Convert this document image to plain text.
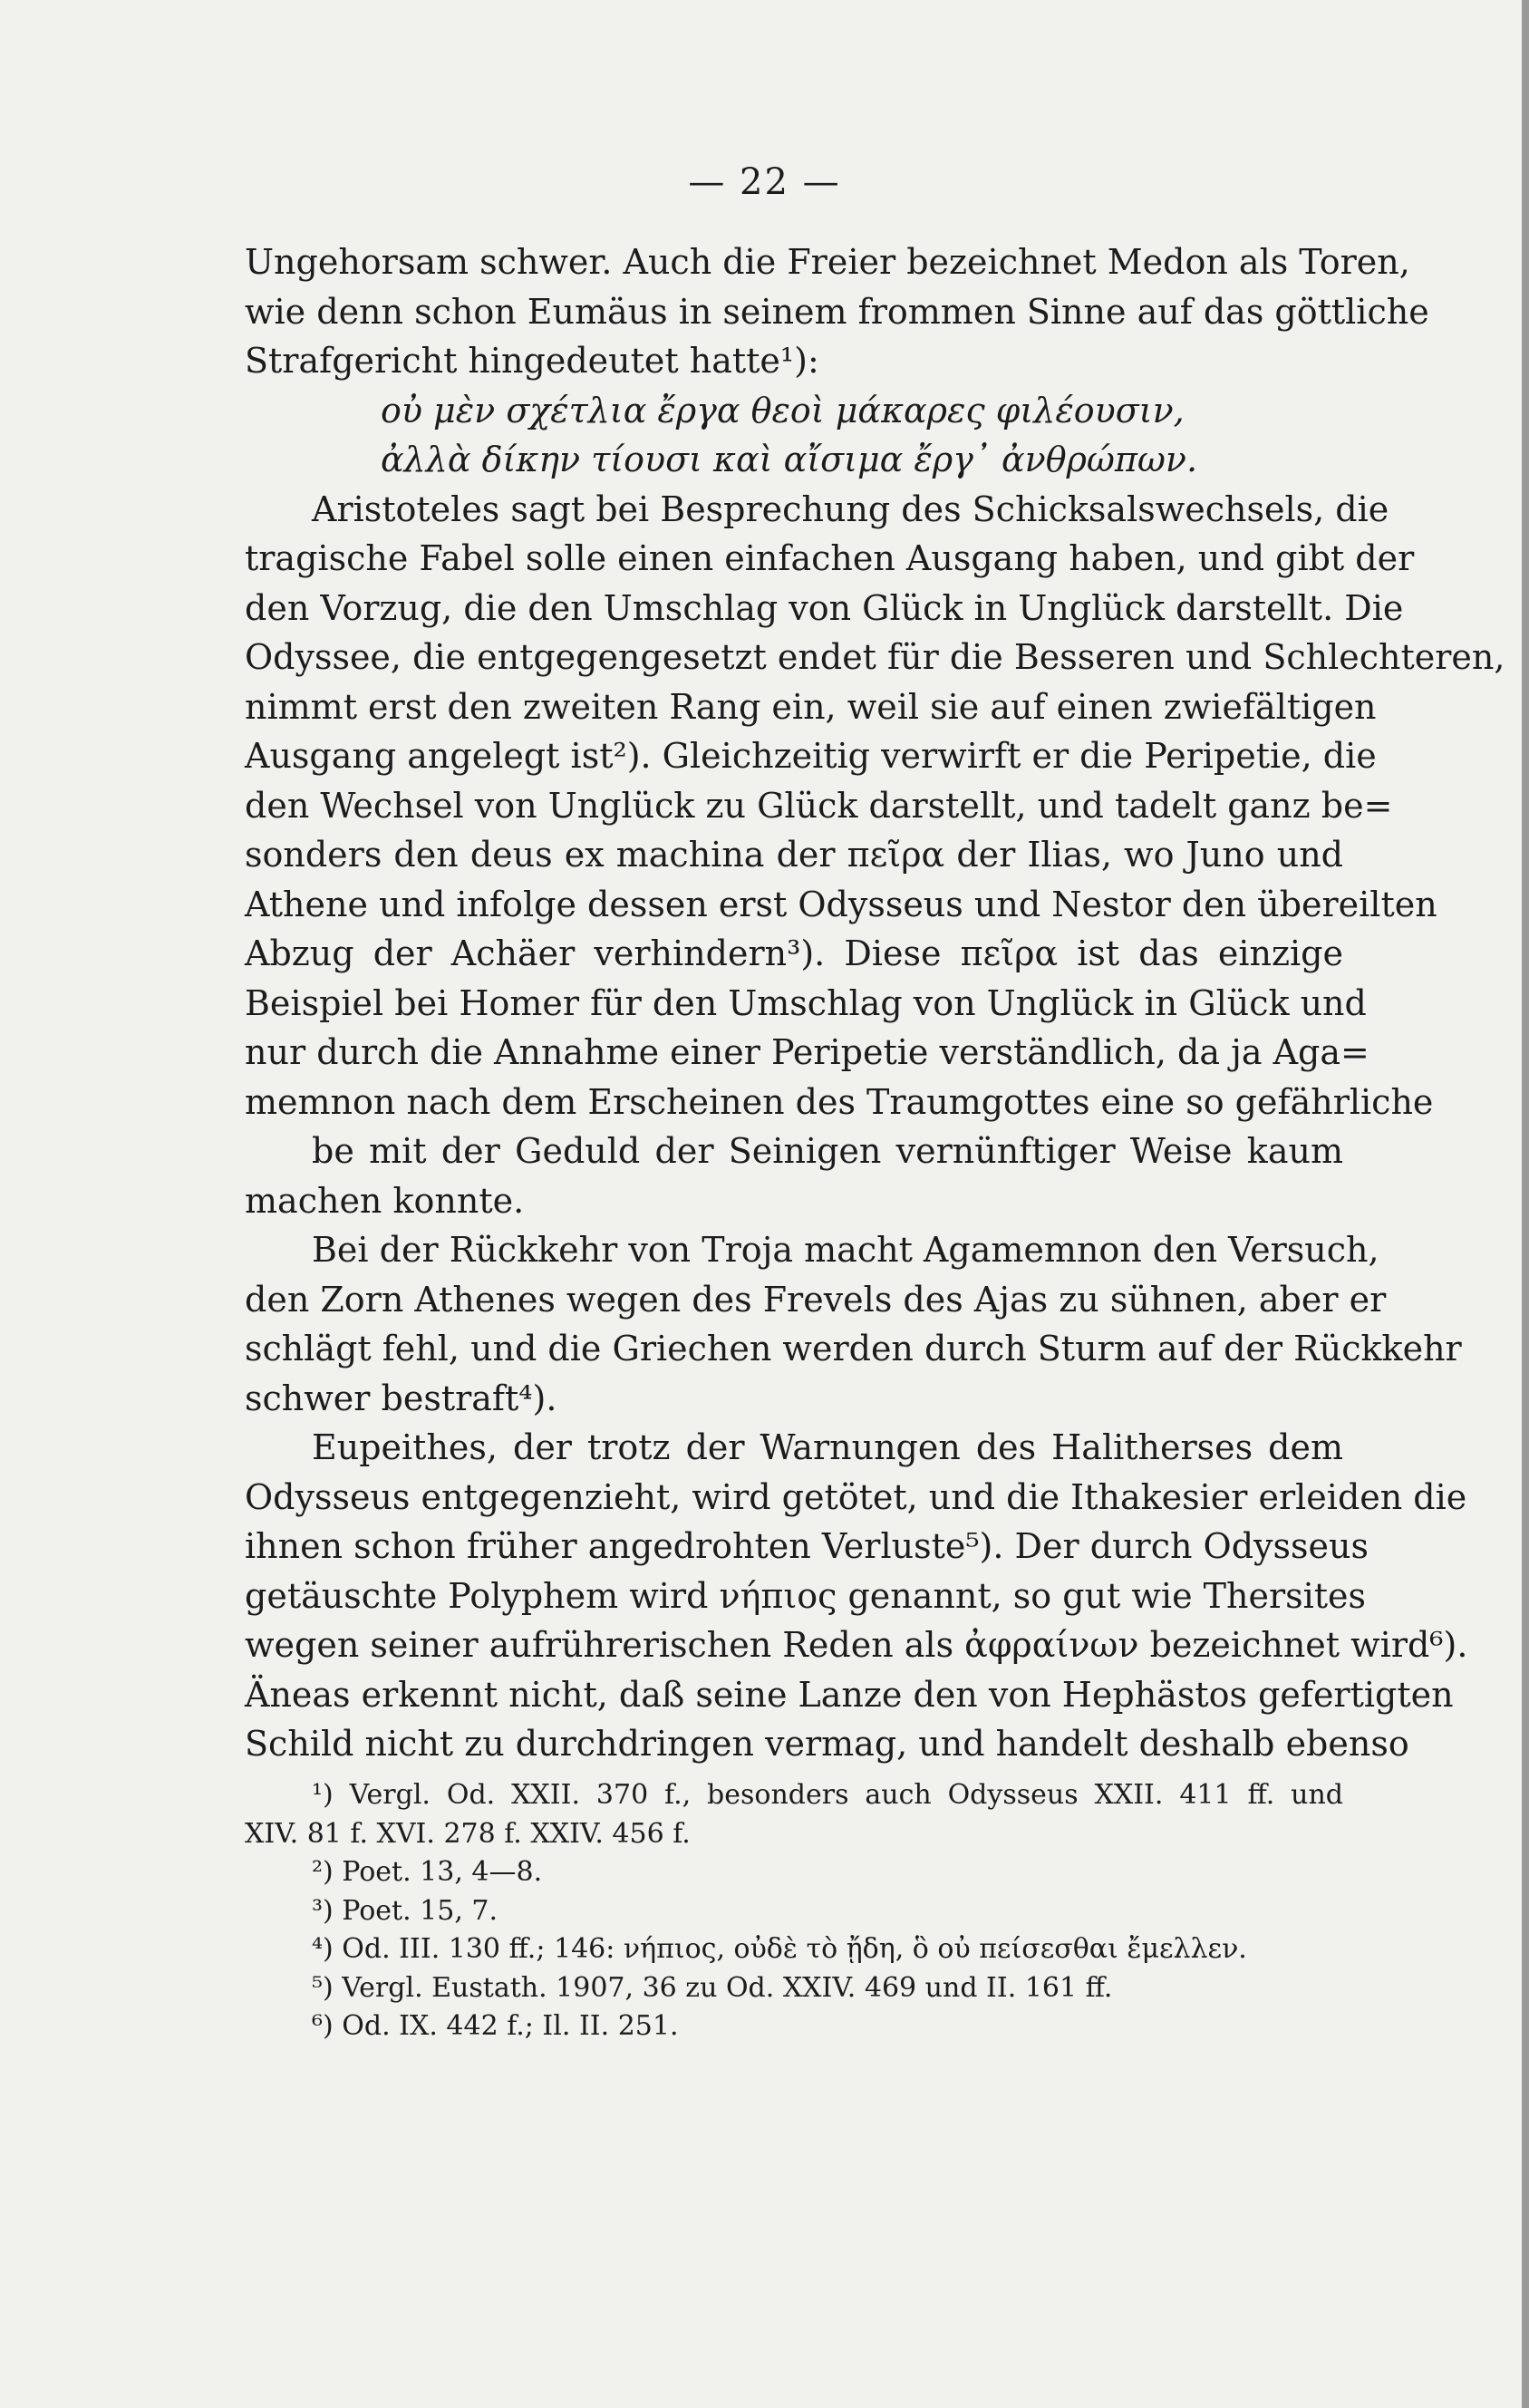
— 22 —
Ungehorsam schwer. Auch die Freier bezeichnet Medon als Toren,
wie denn schon Eumäus in seinem frommen Sinne auf das göttliche
Strafgericht hingedeutet hatte¹):
οὐ μὲν σχέτλια ἔργα θεοὶ μάκαρες φιλέουσιν,
ἀλλὰ δίκην τίουσι καὶ αἴσιμα ἔργ᾽ ἀνθρώπων.
Aristoteles sagt bei Besprechung des Schicksalswechsels, die
tragische Fabel solle einen einfachen Ausgang haben, und gibt der
den Vorzug, die den Umschlag von Glück in Unglück darstellt. Die
Odyssee, die entgegengesetzt endet für die Besseren und Schlechteren,
nimmt erst den zweiten Rang ein, weil sie auf einen zwiefältigen
Ausgang angelegt ist²). Gleichzeitig verwirft er die Peripetie, die
den Wechsel von Unglück zu Glück darstellt, und tadelt ganz be=
sonders den deus ex machina der πεῖρα der Ilias, wo Juno und
Athene und infolge dessen erst Odysseus und Nestor den übereilten
Abzug der Achäer verhindern³). Diese πεῖρα ist das einzige
Beispiel bei Homer für den Umschlag von Unglück in Glück und
nur durch die Annahme einer Peripetie verständlich, da ja Aga=
memnon nach dem Erscheinen des Traumgottes eine so gefährliche
be mit der Geduld der Seinigen vernünftiger Weise kaum
machen konnte.
Bei der Rückkehr von Troja macht Agamemnon den Versuch,
den Zorn Athenes wegen des Frevels des Ajas zu sühnen, aber er
schlägt fehl, und die Griechen werden durch Sturm auf der Rückkehr
schwer bestraft⁴).
Eupeithes, der trotz der Warnungen des Halitherses dem
Odysseus entgegenzieht, wird getötet, und die Ithakesier erleiden die
ihnen schon früher angedrohten Verluste⁵). Der durch Odysseus
getäuschte Polyphem wird νήπιος genannt, so gut wie Thersites
wegen seiner aufrührerischen Reden als ἀφραίνων bezeichnet wird⁶).
Äneas erkennt nicht, daß seine Lanze den von Hephästos gefertigten
Schild nicht zu durchdringen vermag, und handelt deshalb ebenso
¹) Vergl. Od. XXII. 370 f., besonders auch Odysseus XXII. 411 ff. und
XIV. 81 f. XVI. 278 f. XXIV. 456 f.
²) Poet. 13, 4—8.
³) Poet. 15, 7.
⁴) Od. III. 130 ff.; 146: νήπιος, οὐδὲ τὸ ᾔδη, ὃ οὐ πείσεσθαι ἔμελλεν.
⁵) Vergl. Eustath. 1907, 36 zu Od. XXIV. 469 und II. 161 ff.
⁶) Od. IX. 442 f.; Il. II. 251.
